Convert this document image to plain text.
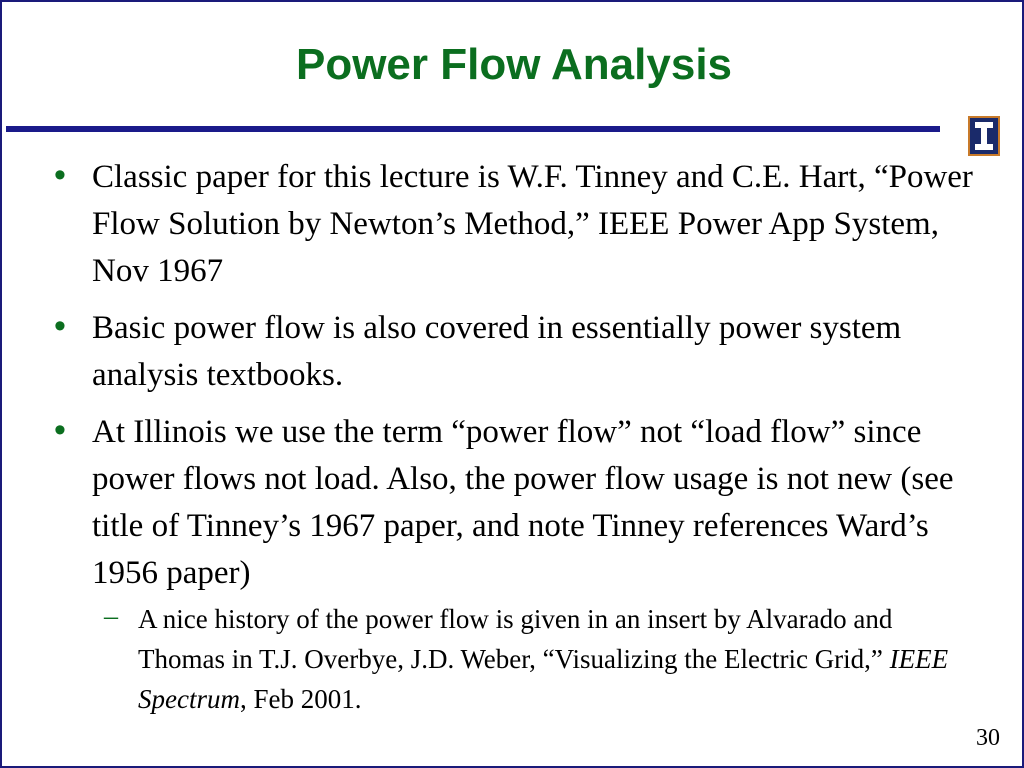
Power Flow Analysis
• Classic paper for this lecture is W.F. Tinney and C.E. Hart, “Power Flow Solution by Newton’s Method,” IEEE Power App System, Nov 1967
• Basic power flow is also covered in essentially power system analysis textbooks.
• At Illinois we use the term “power flow” not “load flow” since power flows not load. Also, the power flow usage is not new (see title of Tinney’s 1967 paper, and note Tinney references Ward’s 1956 paper)
– A nice history of the power flow is given in an insert by Alvarado and Thomas in T.J. Overbye, J.D. Weber, “Visualizing the Electric Grid,” IEEE Spectrum, Feb 2001.
30
